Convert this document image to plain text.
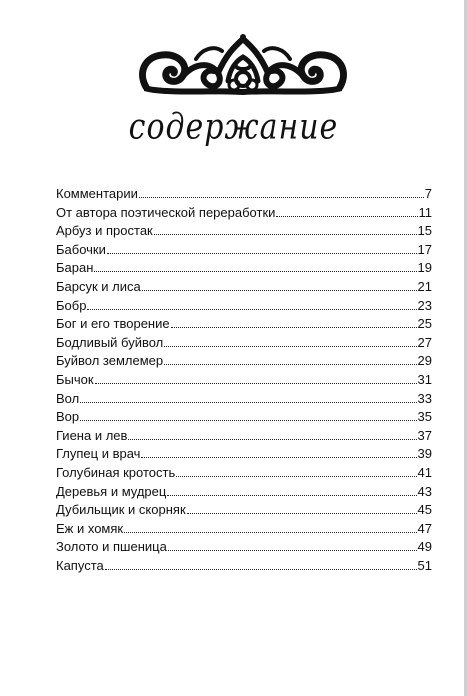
содержание
Комментарии	7
От автора поэтической переработки	11
Арбуз и простак	15
Бабочки	17
Баран	19
Барсук и лиса	21
Бобр	23
Бог и его творение	25
Бодливый буйвол	27
Буйвол землемер	29
Бычок	31
Вол	33
Вор	35
Гиена и лев	37
Глупец и врач	39
Голубиная кротость	41
Деревья и мудрец	43
Дубильщик и скорняк	45
Еж и хомяк	47
Золото и пшеница	49
Капуста	51
